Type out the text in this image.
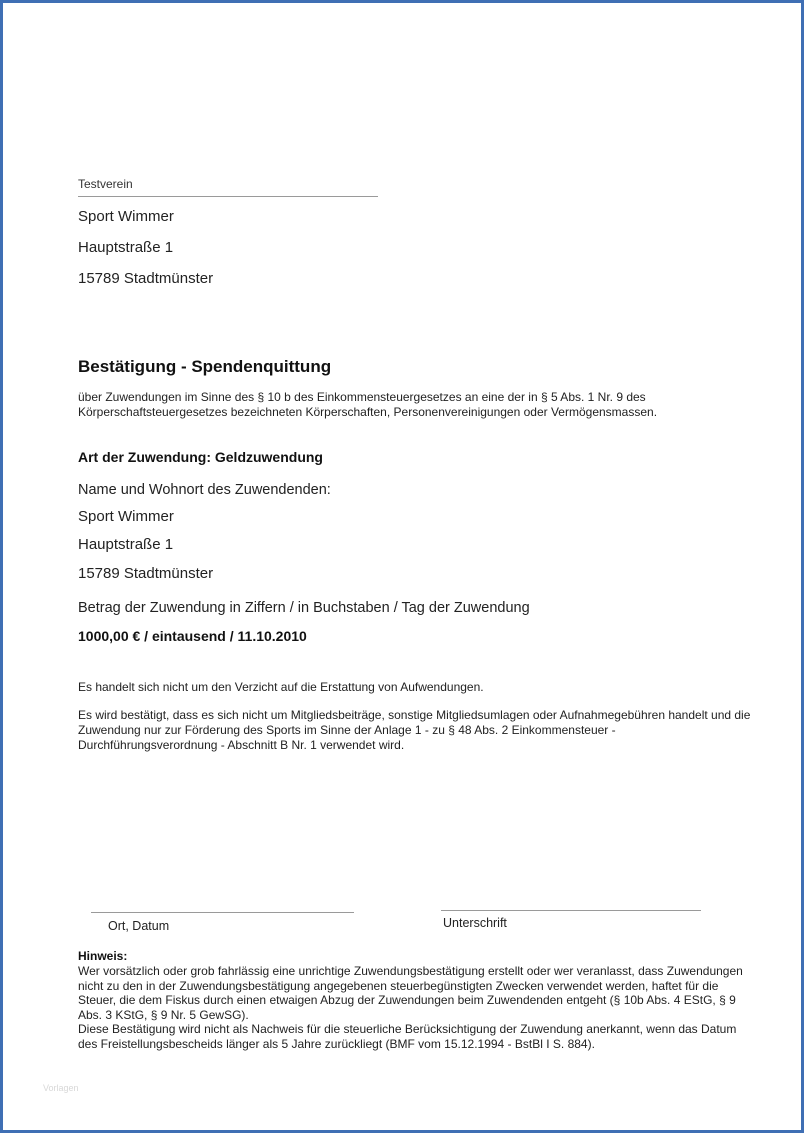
Testverein

Sport Wimmer

Hauptstraße 1

15789 Stadtmünster

Bestätigung - Spendenquittung

über Zuwendungen im Sinne des § 10 b des Einkommensteuergesetzes an eine der in § 5 Abs. 1 Nr. 9 des Körperschaftsteuergesetzes bezeichneten Körperschaften, Personenvereinigungen oder Vermögensmassen.

Art der Zuwendung: Geldzuwendung

Name und Wohnort des Zuwendenden:

Sport Wimmer

Hauptstraße 1

15789 Stadtmünster

Betrag der Zuwendung in Ziffern / in Buchstaben / Tag der Zuwendung

1000,00 € / eintausend / 11.10.2010

Es handelt sich nicht um den Verzicht auf die Erstattung von Aufwendungen.

Es wird bestätigt, dass es sich nicht um Mitgliedsbeiträge, sonstige Mitgliedsumlagen oder Aufnahmegebühren handelt und die Zuwendung nur zur Förderung des Sports im Sinne der Anlage 1 - zu § 48 Abs. 2 Einkommensteuer - Durchführungsverordnung - Abschnitt B Nr. 1 verwendet wird.

Ort, Datum	Unterschrift

Hinweis:

Wer vorsätzlich oder grob fahrlässig eine unrichtige Zuwendungsbestätigung erstellt oder wer veranlasst, dass Zuwendungen nicht zu den in der Zuwendungsbestätigung angegebenen steuerbegünstigten Zwecken verwendet werden, haftet für die Steuer, die dem Fiskus durch einen etwaigen Abzug der Zuwendungen beim Zuwendenden entgeht (§ 10b Abs. 4 EStG, § 9 Abs. 3 KStG, § 9 Nr. 5 GewSG).
Diese Bestätigung wird nicht als Nachweis für die steuerliche Berücksichtigung der Zuwendung anerkannt, wenn das Datum des Freistellungsbescheids länger als 5 Jahre zurückliegt (BMF vom 15.12.1994 - BstBl I S. 884).

Vorlagen
